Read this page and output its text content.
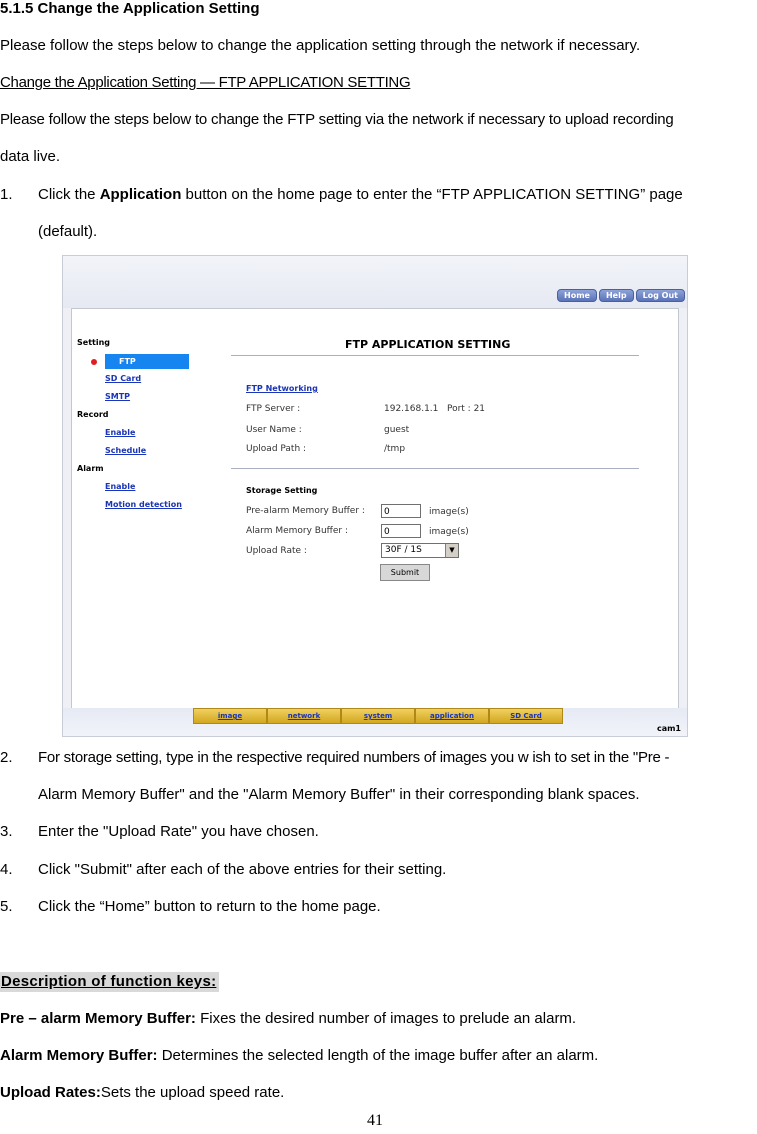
5.1.5 Change the Application Setting
Please follow the steps below to change the application setting through the network if necessary.
Change the Application Setting — FTP APPLICATION SETTING
Please follow the steps below to change the FTP setting via the network if necessary to upload recording
data live.
1. Click the Application button on the home page to enter the “FTP APPLICATION SETTING” page
(default).
Home	Help	Log Out
Setting
FTP
SD Card
SMTP
Record
Enable
Schedule
Alarm
Enable
Motion detection
FTP APPLICATION SETTING
FTP Networking
FTP Server :	192.168.1.1   Port : 21
User Name :	guest
Upload Path :	/tmp
Storage Setting
Pre-alarm Memory Buffer :	0	image(s)
Alarm Memory Buffer :	0	image(s)
Upload Rate :	30F / 1S	▼
Submit
image	network	system	application	SD Card
cam1
2. For storage setting, type in the respective required numbers of images you w ish to set in the "Pre -
Alarm Memory Buffer" and the "Alarm Memory Buffer" in their corresponding blank spaces.
3. Enter the "Upload Rate" you have chosen.
4. Click "Submit" after each of the above entries for their setting.
5. Click the “Home” button to return to the home page.
Description of function keys:
Pre – alarm Memory Buffer: Fixes the desired number of images to prelude an alarm.
Alarm Memory Buffer: Determines the selected length of the image buffer after an alarm.
Upload Rates:Sets the upload speed rate.
41
